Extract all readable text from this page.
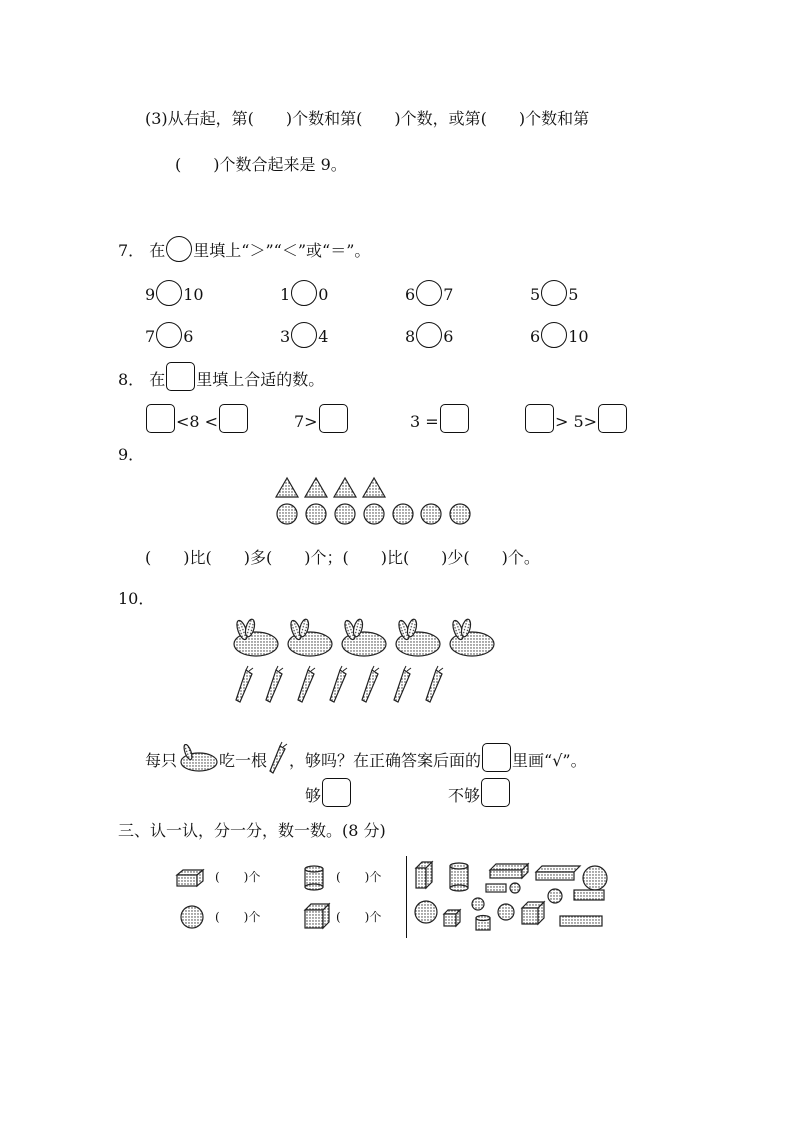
(3)从右起，第(　　)个数和第(　　)个数，或第(　　)个数和第
(　　)个数合起来是 9。
7． 在 里填上“＞”“＜”或“＝”。
9 10	1 0	6 7	5 5
7 6	3 4	8 6	6 10
8． 在 里填上合适的数。
<8 <	7>	3 =	> 5>
9．
(　　)比(　　)多(　　)个；(　　)比(　　)少(　　)个。
10．
每只	吃一根 ，够吗？在正确答案后面的 里画“√”。
够	不够
三、认一认，分一分，数一数。(8 分)
(　　)个	(　　)个
(　　)个	(　　)个
